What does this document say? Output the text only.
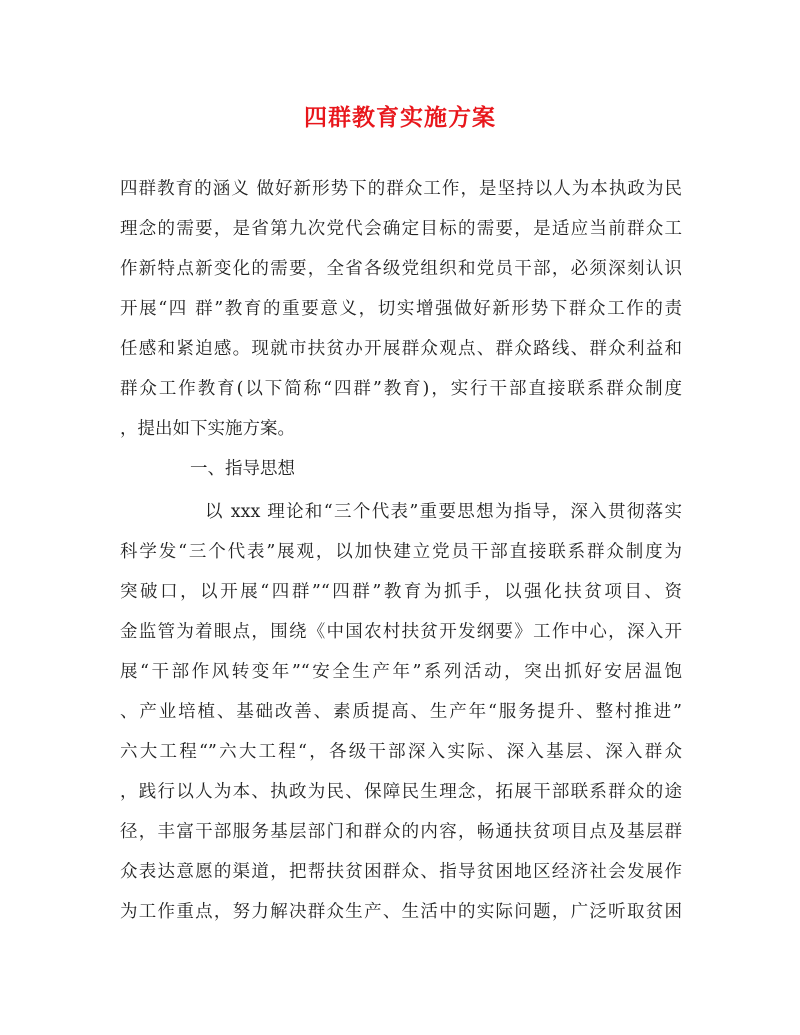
四群教育实施方案
四群教育的涵义 做好新形势下的群众工作，是坚持以人为本执政为民
理念的需要，是省第九次党代会确定目标的需要，是适应当前群众工
作新特点新变化的需要，全省各级党组织和党员干部，必须深刻认识
开展“四 群”教育的重要意义，切实增强做好新形势下群众工作的责
任感和紧迫感。现就市扶贫办开展群众观点、群众路线、群众利益和
群众工作教育(以下简称“四群”教育)，实行干部直接联系群众制度
，提出如下实施方案。
一、指导思想
以 xxx 理论和“三个代表”重要思想为指导，深入贯彻落实
科学发“三个代表”展观，以加快建立党员干部直接联系群众制度为
突破口，以开展“四群”“四群”教育为抓手，以强化扶贫项目、资
金监管为着眼点，围绕《中国农村扶贫开发纲要》工作中心，深入开
展“干部作风转变年”“安全生产年”系列活动，突出抓好安居温饱
、产业培植、基础改善、素质提高、生产年“服务提升、整村推进”
六大工程“”六大工程“，各级干部深入实际、深入基层、深入群众
，践行以人为本、执政为民、保障民生理念，拓展干部联系群众的途
径，丰富干部服务基层部门和群众的内容，畅通扶贫项目点及基层群
众表达意愿的渠道，把帮扶贫困群众、指导贫困地区经济社会发展作
为工作重点，努力解决群众生产、生活中的实际问题，广泛听取贫困
